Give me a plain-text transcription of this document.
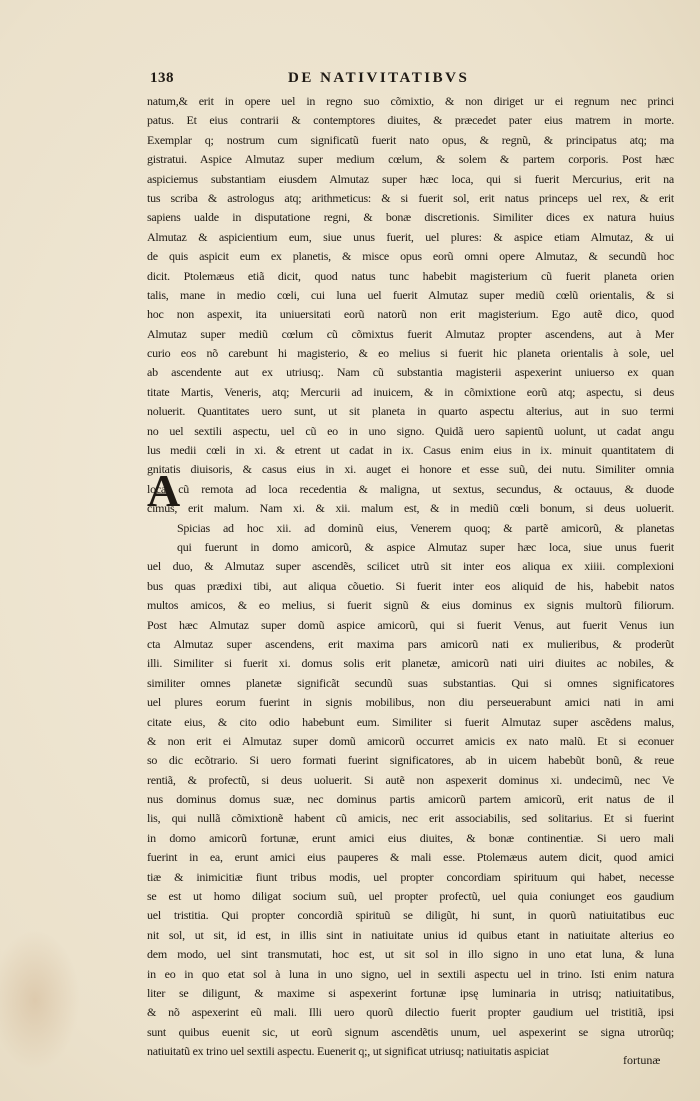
138	DE NATIVITATIBVS
A
natum,& erit in opere uel in regno suo cõmixtio, & non diriget ur ei regnum nec princi
patus. Et eius contrarii & contemptores diuites, & præcedet pater eius matrem in morte.
Exemplar q; nostrum cum significatũ fuerit nato opus, & regnũ, & principatus atq; ma
gistratui. Aspice Almutaz super medium cœlum, & solem & partem corporis. Post hæc
aspiciemus substantiam eiusdem Almutaz super hæc loca, qui si fuerit Mercurius, erit na
tus scriba & astrologus atq; arithmeticus: & si fuerit sol, erit natus princeps uel rex, & erit
sapiens ualde in disputatione regni, & bonæ discretionis. Similiter dices ex natura huius
Almutaz & aspicientium eum, siue unus fuerit, uel plures: & aspice etiam Almutaz, & ui
de quis aspicit eum ex planetis, & misce opus eorũ omni opere Almutaz, & secundũ hoc
dicit. Ptolemæus etiã dicit, quod natus tunc habebit magisterium cũ fuerit planeta orien
talis, mane in medio cœli, cui luna uel fuerit Almutaz super mediũ cœlũ orientalis, & si
hoc non aspexit, ita uniuersitati eorũ natorũ non erit magisterium. Ego autẽ dico, quod
Almutaz super mediũ cœlum cũ cõmixtus fuerit Almutaz propter ascendens, aut à Mer
curio eos nõ carebunt hi magisterio, & eo melius si fuerit hic planeta orientalis à sole, uel
ab ascendente aut ex utriusq;. Nam cũ substantia magisterii aspexerint uniuerso ex quan
titate Martis, Veneris, atq; Mercurii ad inuicem, & in cõmixtione eorũ atq; aspectu, si deus
noluerit. Quantitates uero sunt, ut sit planeta in quarto aspectu alterius, aut in suo termi
no uel sextili aspectu, uel cũ eo in uno signo. Quidã uero sapientũ uolunt, ut cadat angu
lus medii cœli in xi. & etrent ut cadat in ix. Casus enim eius in ix. minuit quantitatem di
gnitatis diuisoris, & casus eius in xi. auget ei honore et esse suũ, dei nutu. Similiter omnia
loca cũ remota ad loca recedentia & maligna, ut sextus, secundus, & octauus, & duode
cimus, erit malum. Nam xi. & xii. malum est, & in mediũ cœli bonum, si deus uoluerit.
Spicias ad hoc xii. ad dominũ eius, Venerem quoq; & partẽ amicorũ, & planetas
qui fuerunt in domo amicorũ, & aspice Almutaz super hæc loca, siue unus fuerit
uel duo, & Almutaz super ascendẽs, scilicet utrũ sit inter eos aliqua ex xiiii. complexioni
bus quas prædixi tibi, aut aliqua cõuetio. Si fuerit inter eos aliquid de his, habebit natos
multos amicos, & eo melius, si fuerit signũ & eius dominus ex signis multorũ filiorum.
Post hæc Almutaz super domũ aspice amicorũ, qui si fuerit Venus, aut fuerit Venus iun
cta Almutaz super ascendens, erit maxima pars amicorũ nati ex mulieribus, & proderũt
illi. Similiter si fuerit xi. domus solis erit planetæ, amicorũ nati uiri diuites ac nobiles, &
similiter omnes planetæ significãt secundũ suas substantias. Qui si omnes significatores
uel plures eorum fuerint in signis mobilibus, non diu perseuerabunt amici nati in ami
citate eius, & cito odio habebunt eum. Similiter si fuerit Almutaz super ascẽdens malus,
& non erit ei Almutaz super domũ amicorũ occurret amicis ex nato malũ. Et si econuer
so dic ecõtrario. Si uero formati fuerint significatores, ab in uicem habebũt bonũ, & reue
rentiã, & profectũ, si deus uoluerit. Si autẽ non aspexerit dominus xi. undecimũ, nec Ve
nus dominus domus suæ, nec dominus partis amicorũ partem amicorũ, erit natus de il
lis, qui nullã cõmixtionẽ habent cũ amicis, nec erit associabilis, sed solitarius. Et si fuerint
in domo amicorũ fortunæ, erunt amici eius diuites, & bonæ continentiæ. Si uero mali
fuerint in ea, erunt amici eius pauperes & mali esse. Ptolemæus autem dicit, quod amici
tiæ & inimicitiæ fiunt tribus modis, uel propter concordiam spirituum qui habet, necesse
se est ut homo diligat socium suũ, uel propter profectũ, uel quia coniunget eos gaudium
uel tristitia. Qui propter concordiã spirituũ se diligũt, hi sunt, in quorũ natiuitatibus euc
nit sol, ut sit, id est, in illis sint in natiuitate unius id quibus etant in natiuitate alterius eo
dem modo, uel sint transmutati, hoc est, ut sit sol in illo signo in uno etat luna, & luna
in eo in quo etat sol à luna in uno signo, uel in sextili aspectu uel in trino. Isti enim natura
liter se diligunt, & maxime si aspexerint fortunæ ipsę luminaria in utrisq; natiuitatibus,
& nõ aspexerint eũ mali. Illi uero quorũ dilectio fuerit propter gaudium uel tristitiã, ipsi
sunt quibus euenit sic, ut eorũ signum ascendẽtis unum, uel aspexerint se signa utrorũq;
natiuitatũ ex trino uel sextili aspectu. Euenerit q;, ut significat utriusq; natiuitatis aspiciat
fortunæ
